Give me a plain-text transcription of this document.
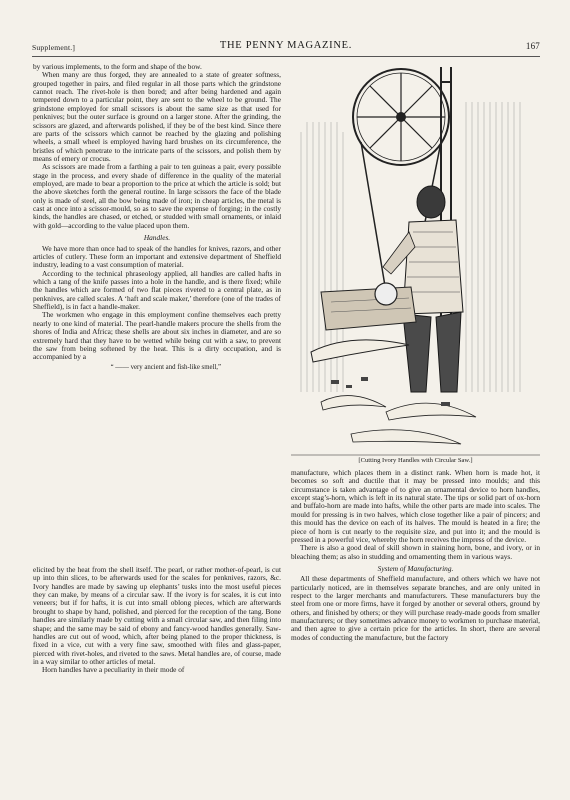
Supplement.]	THE PENNY MAGAZINE.	167

by various implements, to the form and shape of the bow.

When many are thus forged, they are annealed to a state of greater softness, grouped together in pairs, and filed regular in all those parts which the grindstone cannot reach. The rivet-hole is then bored; and after being hardened and again tempered down to a particular point, they are sent to the wheel to be ground. The grindstone employed for small scissors is about the same size as that used for penknives; but the outer surface is ground on a larger stone. After the grinding, the scissors are glazed, and afterwards polished, if they be of the best kind. Since there are parts of the scissors which cannot be reached by the glazing and polishing wheels, a small wheel is employed having hard brushes on its circumference, the bristles of which penetrate to the intricate parts of the scissors, and polish them by means of emery or crocus.

As scissors are made from a farthing a pair to ten guineas a pair, every possible stage in the process, and every shade of difference in the quality of the material employed, are made to bear a proportion to the price at which the article is sold; but the above sketches forth the general routine. In large scissors the face of the blade only is made of steel, all the bow being made of iron; in cheap articles, the metal is cast at once into a scissor-mould, so as to save the expense of forging; in the costly kinds, the handles are chased, or etched, or studded with small ornaments, or inlaid with gold—according to the value placed upon them.

Handles.

We have more than once had to speak of the handles for knives, razors, and other articles of cutlery. These form an important and extensive department of Sheffield industry, leading to a vast consumption of material.

According to the technical phraseology applied, all handles are called hafts in which a tang of the knife passes into a hole in the handle, and is there fixed; while the handles which are formed of two flat pieces riveted to a central plate, as in penknives, are called scales. A ‘haft and scale maker,’ therefore (one of the trades of Sheffield), is in fact a handle-maker.

The workmen who engage in this employment confine themselves each pretty nearly to one kind of material. The pearl-handle makers procure the shells from the shores of India and Africa; these shells are about six inches in diameter, and are so extremely hard that they have to be wetted while being cut with a saw, to prevent the saw from being softened by the heat. This is a dirty occupation, and is accompanied by a

“ —— very ancient and fish-like smell,”

elicited by the heat from the shell itself. The pearl, or rather mother-of-pearl, is cut up into thin slices, to be afterwards used for the scales for penknives, razors, &c. Ivory handles are made by sawing up elephants’ tusks into the most useful pieces they can make, by means of a circular saw. If the ivory is for scales, it is cut into veneers; but if for hafts, it is cut into small oblong pieces, which are afterwards brought to shape by hand, polished, and pierced for the reception of the tang. Bone handles are similarly made by cutting with a small circular saw, and then filing into shape; and the same may be said of ebony and fancy-wood handles generally. Saw-handles are cut out of wood, which, after being planed to the proper thickness, is fixed in a vice, cut with a very fine saw, smoothed with files and glass-paper, pierced with rivet-holes, and riveted to the saws. Metal handles are, of course, made in a way similar to other articles of metal.

Horn handles have a peculiarity in their mode of

[Cutting Ivory Handles with Circular Saw.]

manufacture, which places them in a distinct rank. When horn is made hot, it becomes so soft and ductile that it may be pressed into moulds; and this circumstance is taken advantage of to give an ornamental device to horn handles, except stag’s-horn, which is left in its natural state. The tips or solid part of ox-horn and buffalo-horn are made into hafts, while the other parts are made into scales. The mould for pressing is in two halves, which close together like a pair of pincers; and this mould has the device on each of its halves. The mould is heated in a fire; the piece of horn is cut nearly to the requisite size, and put into it; and the mould is pressed in a powerful vice, whereby the horn receives the impress of the device.

There is also a good deal of skill shown in staining horn, bone, and ivory, or in bleaching them; as also in studding and ornamenting them in various ways.

System of Manufacturing.

All these departments of Sheffield manufacture, and others which we have not particularly noticed, are in themselves separate branches, and are only united in respect to the larger merchants and manufacturers. These manufacturers buy the steel from one or more firms, have it forged by another or several others, ground by others, and finished by others; or they will purchase ready-made goods from smaller manufacturers; or they sometimes advance money to workmen to purchase material, and then agree to give a certain price for the articles. In short, there are several modes of conducting the manufacture, but the factory
